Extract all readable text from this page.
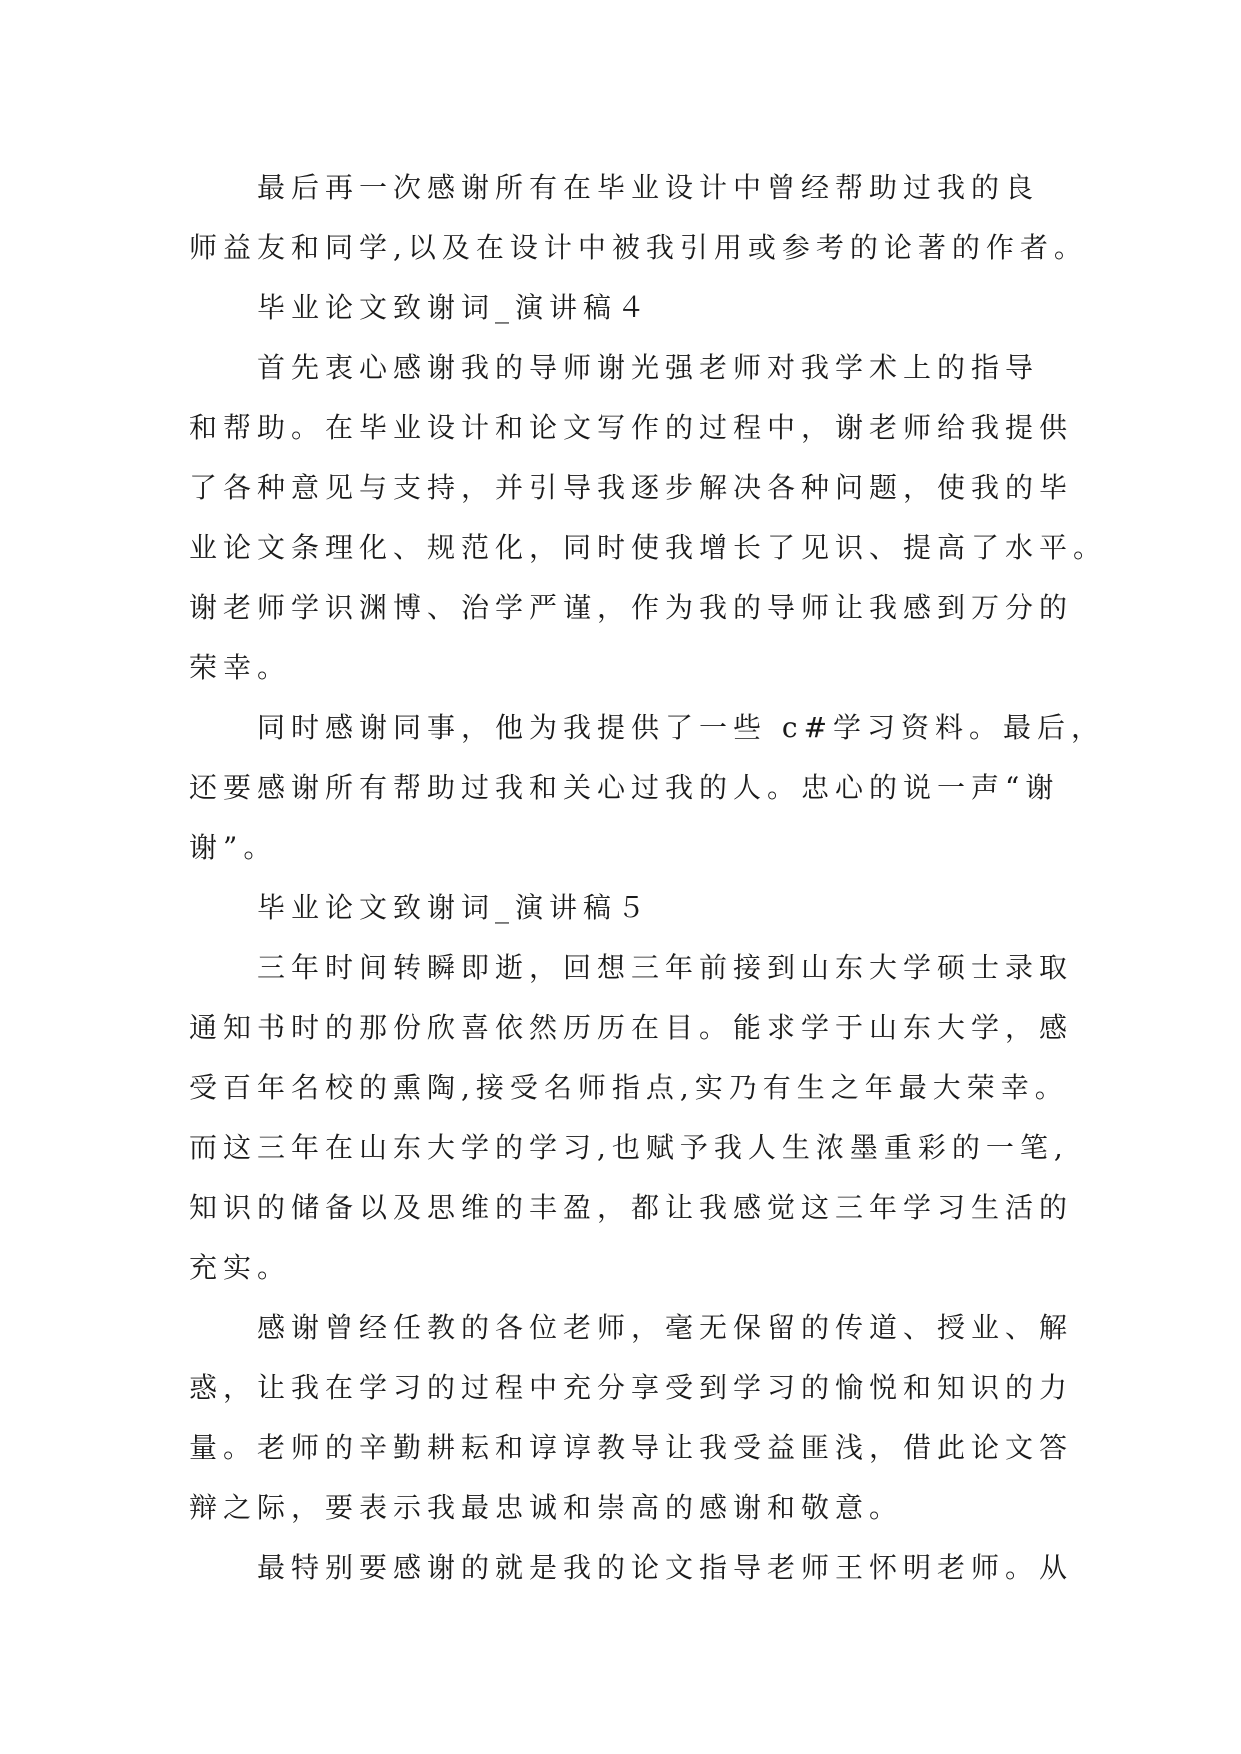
最后再一次感谢所有在毕业设计中曾经帮助过我的良
师益友和同学,以及在设计中被我引用或参考的论著的作者。
毕业论文致谢词_演讲稿４
首先衷心感谢我的导师谢光强老师对我学术上的指导
和帮助。在毕业设计和论文写作的过程中，谢老师给我提供
了各种意见与支持，并引导我逐步解决各种问题，使我的毕
业论文条理化、规范化，同时使我增长了见识、提高了水平。
谢老师学识渊博、治学严谨，作为我的导师让我感到万分的
荣幸。
同时感谢同事，他为我提供了一些 c#学习资料。最后，
还要感谢所有帮助过我和关心过我的人。忠心的说一声“谢
谢”。
毕业论文致谢词_演讲稿５
三年时间转瞬即逝，回想三年前接到山东大学硕士录取
通知书时的那份欣喜依然历历在目。能求学于山东大学，感
受百年名校的熏陶,接受名师指点,实乃有生之年最大荣幸。
而这三年在山东大学的学习,也赋予我人生浓墨重彩的一笔,
知识的储备以及思维的丰盈，都让我感觉这三年学习生活的
充实。
感谢曾经任教的各位老师，毫无保留的传道、授业、解
惑，让我在学习的过程中充分享受到学习的愉悦和知识的力
量。老师的辛勤耕耘和谆谆教导让我受益匪浅，借此论文答
辩之际，要表示我最忠诚和崇高的感谢和敬意。
最特别要感谢的就是我的论文指导老师王怀明老师。从
